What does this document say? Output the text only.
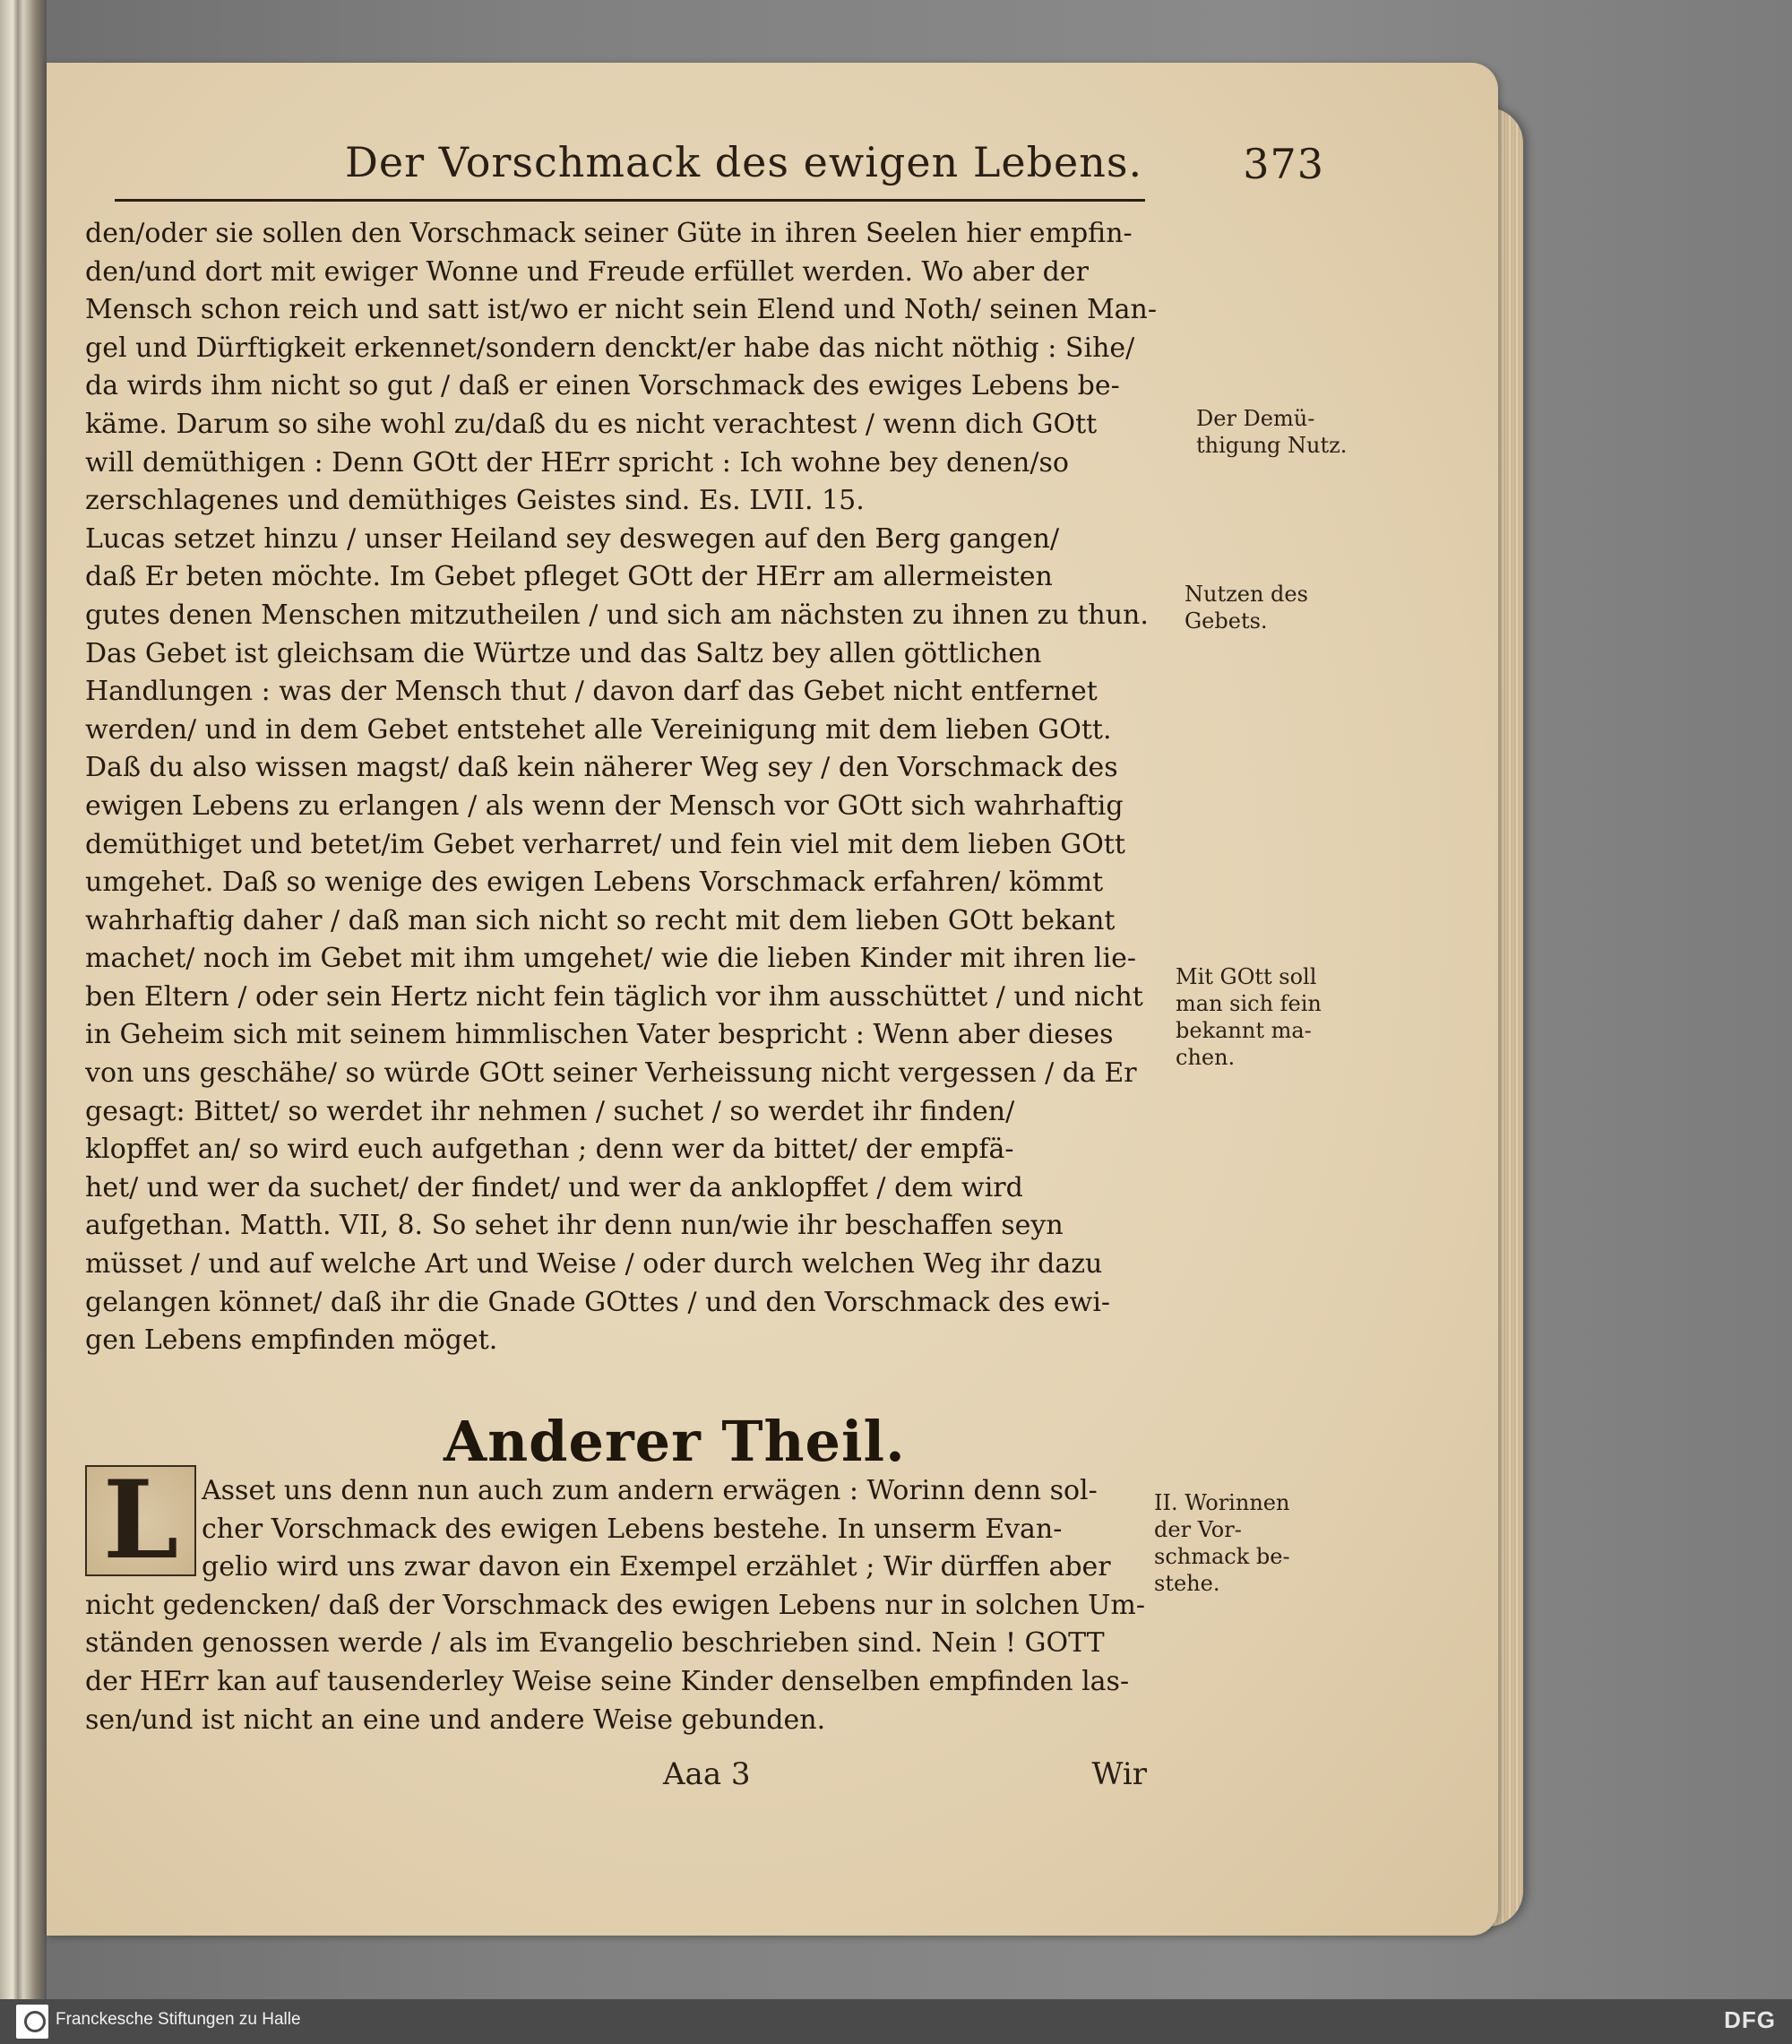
Der Vorschmack des ewigen Lebens. 373
den/oder sie sollen den Vorschmack seiner Güte in ihren Seelen hier empfin-
den/und dort mit ewiger Wonne und Freude erfüllet werden. Wo aber der
Mensch schon reich und satt ist/wo er nicht sein Elend und Noth/ seinen Man-
gel und Dürftigkeit erkennet/sondern denckt/er habe das nicht nöthig : Sihe/
da wirds ihm nicht so gut / daß er einen Vorschmack des ewiges Lebens be-
käme. Darum so sihe wohl zu/daß du es nicht verachtest / wenn dich GOtt
will demüthigen : Denn GOtt der HErr spricht : Ich wohne bey denen/so
zerschlagenes und demüthiges Geistes sind. Es. LVII. 15.
Lucas setzet hinzu / unser Heiland sey deswegen auf den Berg gangen/
daß Er beten möchte. Im Gebet pfleget GOtt der HErr am allermeisten
gutes denen Menschen mitzutheilen / und sich am nächsten zu ihnen zu thun.
Das Gebet ist gleichsam die Würtze und das Saltz bey allen göttlichen
Handlungen : was der Mensch thut / davon darf das Gebet nicht entfernet
werden/ und in dem Gebet entstehet alle Vereinigung mit dem lieben GOtt.
Daß du also wissen magst/ daß kein näherer Weg sey / den Vorschmack des
ewigen Lebens zu erlangen / als wenn der Mensch vor GOtt sich wahrhaftig
demüthiget und betet/im Gebet verharret/ und fein viel mit dem lieben GOtt
umgehet. Daß so wenige des ewigen Lebens Vorschmack erfahren/ kömmt
wahrhaftig daher / daß man sich nicht so recht mit dem lieben GOtt bekant
machet/ noch im Gebet mit ihm umgehet/ wie die lieben Kinder mit ihren lie-
ben Eltern / oder sein Hertz nicht fein täglich vor ihm ausschüttet / und nicht
in Geheim sich mit seinem himmlischen Vater bespricht : Wenn aber dieses
von uns geschähe/ so würde GOtt seiner Verheissung nicht vergessen / da Er
gesagt: Bittet/ so werdet ihr nehmen / suchet / so werdet ihr finden/
klopffet an/ so wird euch aufgethan ; denn wer da bittet/ der empfä-
het/ und wer da suchet/ der findet/ und wer da anklopffet / dem wird
aufgethan. Matth. VII, 8. So sehet ihr denn nun/wie ihr beschaffen seyn
müsset / und auf welche Art und Weise / oder durch welchen Weg ihr dazu
gelangen könnet/ daß ihr die Gnade GOttes / und den Vorschmack des ewi-
gen Lebens empfinden möget.
Der Demü-
thigung Nutz.
Nutzen des
Gebets.
Mit GOtt soll
man sich fein
bekannt ma-
chen.
II. Worinnen
der Vor-
schmack be-
stehe.
Anderer Theil.
L Asset uns denn nun auch zum andern erwägen : Worinn denn sol-
cher Vorschmack des ewigen Lebens bestehe. In unserm Evan-
gelio wird uns zwar davon ein Exempel erzählet ; Wir dürffen aber
nicht gedencken/ daß der Vorschmack des ewigen Lebens nur in solchen Um-
ständen genossen werde / als im Evangelio beschrieben sind. Nein ! GOTT
der HErr kan auf tausenderley Weise seine Kinder denselben empfinden las-
sen/und ist nicht an eine und andere Weise gebunden.
Aaa 3	Wir
Franckesche Stiftungen zu Halle	DFG
